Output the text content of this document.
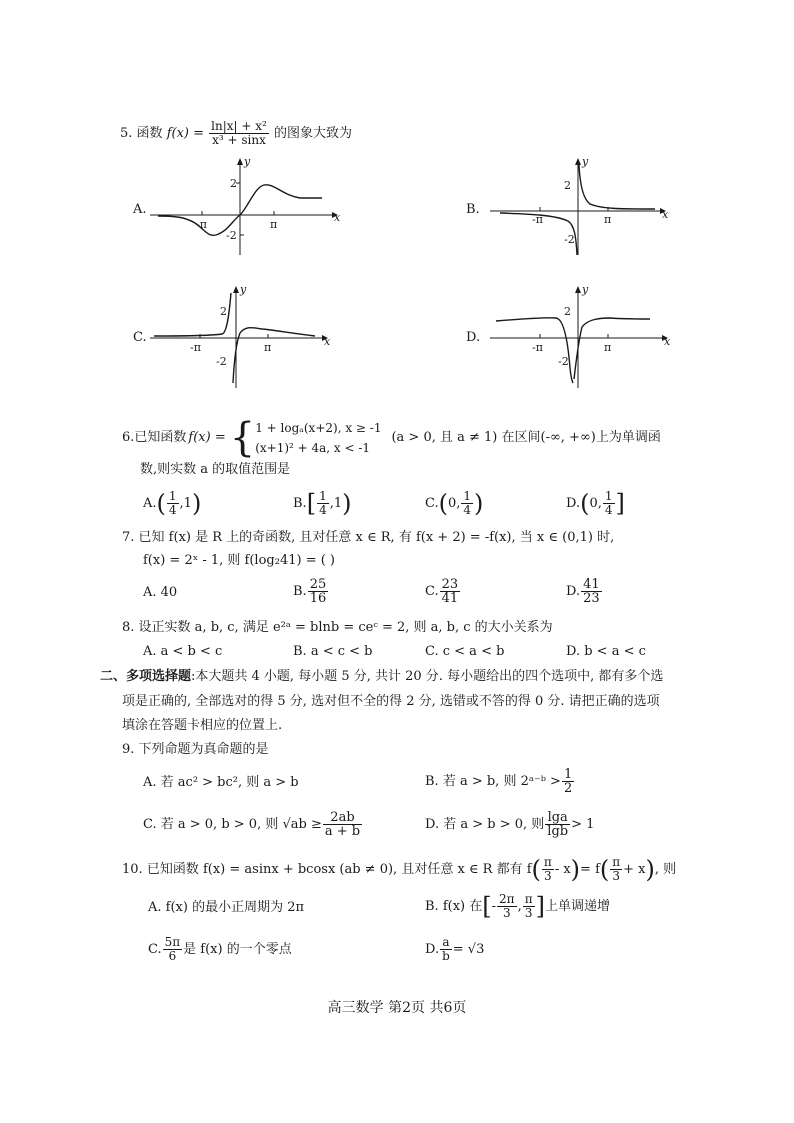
5. 函数 $f(x) = \frac{\text{ln|x| + x²}}{\text{x³ + sinx}}$ 的图象大致为
A.	B.
C.	D.
y
x
2
-2
-π	π
y
x
2
-2
-π	π
y
x
2
-2
-π	π
y
x
2
-2
-π	π
6. 已知函数 f(x) = { 1 + logₐ(x+2), x ≥ -1
(x+1)² + 4a, x < -1
(a > 0, 且 a ≠ 1) 在区间(-∞, +∞)上为单调函
数,则实数 a 的取值范围是
$A.( \frac{1}{4} ,1)$	$B.[ \frac{1}{4} ,1)$	C.(0, $\frac{1}{4}$ )	D.(0, $\frac{1}{4}$ ]
7. 已知 f(x) 是 R 上的奇函数, 且对任意 x ∈ R, 有 f(x + 2) = -f(x), 当 x ∈ (0,1) 时,
f(x) = 2ˣ - 1, 则 f(log₂41) = ( )
A. 40	B. $\frac{25}{16}$	C. $\frac{23}{41}$	D. $\frac{41}{23}$
8. 设正实数 a, b, c, 满足 e²ᵃ = blnb = ceᶜ = 2, 则 a, b, c 的大小关系为
A. a < b < c	B. a < c < b	C. c < a < b	D. b < a < c
二、多项选择题:本大题共 4 小题, 每小题 5 分, 共计 20 分. 每小题给出的四个选项中, 都有多个选
项是正确的, 全部选对的得 5 分, 选对但不全的得 2 分, 选错或不答的得 0 分. 请把正确的选项
填涂在答题卡相应的位置上.
9. 下列命题为真命题的是
A. 若 ac² > bc², 则 a > b	B. 若 a > b, 则 2ᵃ⁻ᵇ > $\frac{1}{2}$
C. 若 a > 0, b > 0, 则 $√ab \ge \frac{2ab}{a + b}$	D. 若 a > b > 0, 则 $\frac{\lg a}{\lg b} > 1$
10. 已知函数 f(x) = asinx + bcosx (ab ≠ 0), 且对任意 x ∈ R 都有 $f( \frac{\pi}{3} - x)= f( \frac{\pi}{3} + x)$, 则
A. f(x) 的最小正周期为 2π	B. f(x) 在[- $\frac{2\pi}{3}$ , $\frac{\pi}{3}$ ]上单调递增
C. $\frac{5\pi}{6}$ 是 f(x) 的一个零点	D. $\frac{a}{b} = √3$
高三数学 第2页 共6页
